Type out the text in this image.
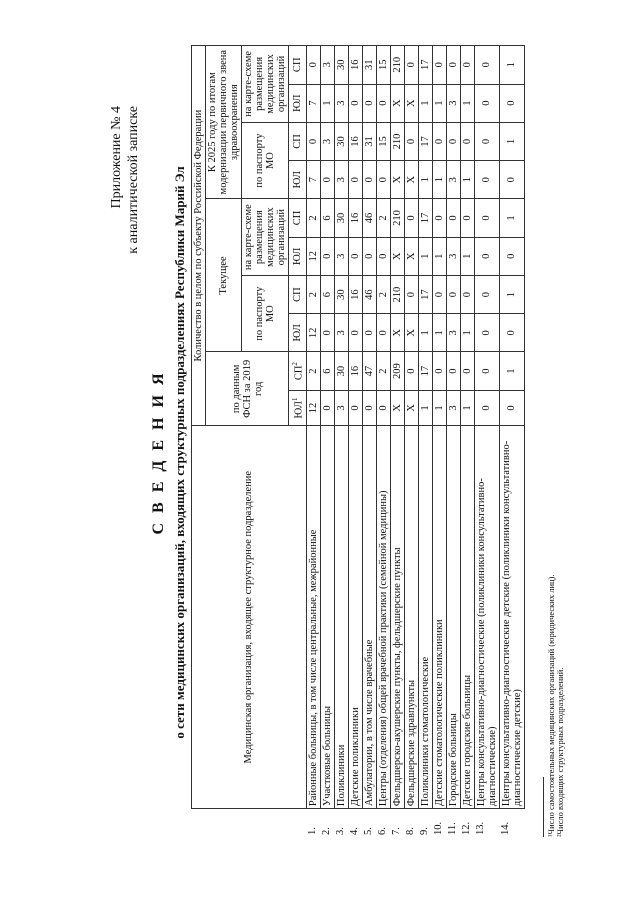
Приложение № 4 к аналитической записке
С В Е Д Е Н И Я о сети медицинских организаций, входящих структурных подразделениях Республики Марий Эл
		Медицинская организация, входящее структурное подразделение	Количество в целом по субъекту Российской Федерации									
		по данным ФСН за 2019 год		Текущее				К 2025 году по итогам модернизации первичного звена здравоохранения			
				по паспорту МО		на карте-схеме размещения медицинских организаций		по паспорту МО		на карте-схеме размещения медицинских организаций	
		$ЮЛ^1$	$СП^2$	ЮЛ	СП	ЮЛ	СП	ЮЛ	СП	ЮЛ	СП
1.	Районные больницы, в том числе центральные, межрайонные	12	2	12	2	12	2	7	0	7	0
2.	Участковые больницы	0	6	0	6	0	6	0	3	1	3
3.	Поликлиники	3	30	3	30	3	30	3	30	3	30
4.	Детские поликлиники	0	16	0	16	0	16	0	16	0	16
5.	Амбулатории, в том числе врачебные	0	47	0	46	0	46	0	31	0	31
6.	Центры (отделения) общей врачебной практики (семейной медицины)	0	2	0	2	0	2	0	15	0	15
7.	Фельдшерско-акушерские пункты, фельдшерские пункты	X	209	X	210	X	210	X	210	X	210
8.	Фельдшерские здравпункты	X	0	X	0	X	0	X	0	X	0
9.	Поликлиники стоматологические	1	17	1	17	1	17	1	17	1	17
10.	Детские стоматологические поликлиники	1	0	1	0	1	0	1	0	1	0
11.	Городские больницы	3	0	3	0	3	0	3	0	3	0
12.	Детские городские больницы	1	0	1	0	1	0	1	0	1	0
13.	Центры консультативно-диагностические (поликлиники консультативно-диагностические)	0	0	0	0	0	0	0	0	0	0
14.	Центры консультативно-диагностические детские (поликлиники консультативно-диагностические детские)	0	1	0	1	0	1	0	1	0	1
¹Число самостоятельных медицинских организаций (юридических лиц). ²Число входящих структурных подразделений.
